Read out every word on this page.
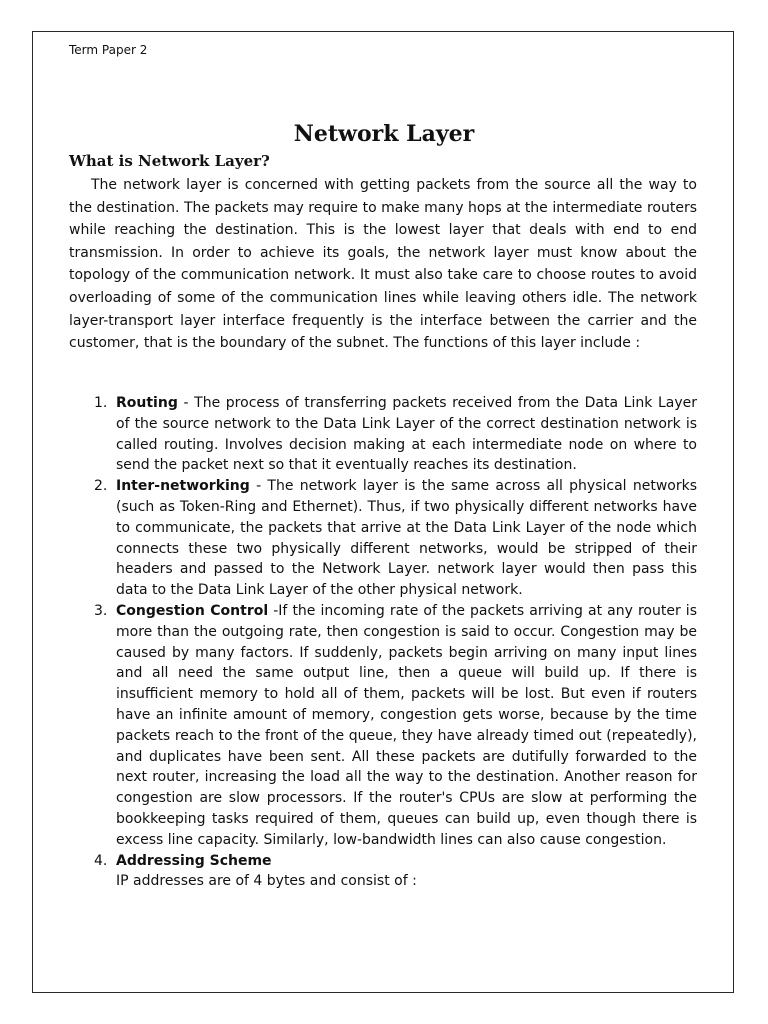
Term Paper 2
Network Layer
What is Network Layer?

The network layer is concerned with getting packets from the source all the way to the destination. The packets may require to make many hops at the intermediate routers while reaching the destination. This is the lowest layer that deals with end to end transmission. In order to achieve its goals, the network layer must know about the topology of the communication network. It must also take care to choose routes to avoid overloading of some of the communication lines while leaving others idle. The network layer-transport layer interface frequently is the interface between the carrier and the customer, that is the boundary of the subnet. The functions of this layer include :

1. Routing - The process of transferring packets received from the Data Link Layer of the source network to the Data Link Layer of the correct destination network is called routing. Involves decision making at each intermediate node on where to send the packet next so that it eventually reaches its destination.

2. Inter-networking - The network layer is the same across all physical networks (such as Token-Ring and Ethernet). Thus, if two physically different networks have to communicate, the packets that arrive at the Data Link Layer of the node which connects these two physically different networks, would be stripped of their headers and passed to the Network Layer. network layer would then pass this data to the Data Link Layer of the other physical network.

3. Congestion Control -If the incoming rate of the packets arriving at any router is more than the outgoing rate, then congestion is said to occur. Congestion may be caused by many factors. If suddenly, packets begin arriving on many input lines and all need the same output line, then a queue will build up. If there is insufficient memory to hold all of them, packets will be lost. But even if routers have an infinite amount of memory, congestion gets worse, because by the time packets reach to the front of the queue, they have already timed out (repeatedly), and duplicates have been sent. All these packets are dutifully forwarded to the next router, increasing the load all the way to the destination. Another reason for congestion are slow processors. If the router's CPUs are slow at performing the bookkeeping tasks required of them, queues can build up, even though there is excess line capacity. Similarly, low-bandwidth lines can also cause congestion.

4. Addressing Scheme

IP addresses are of 4 bytes and consist of :
